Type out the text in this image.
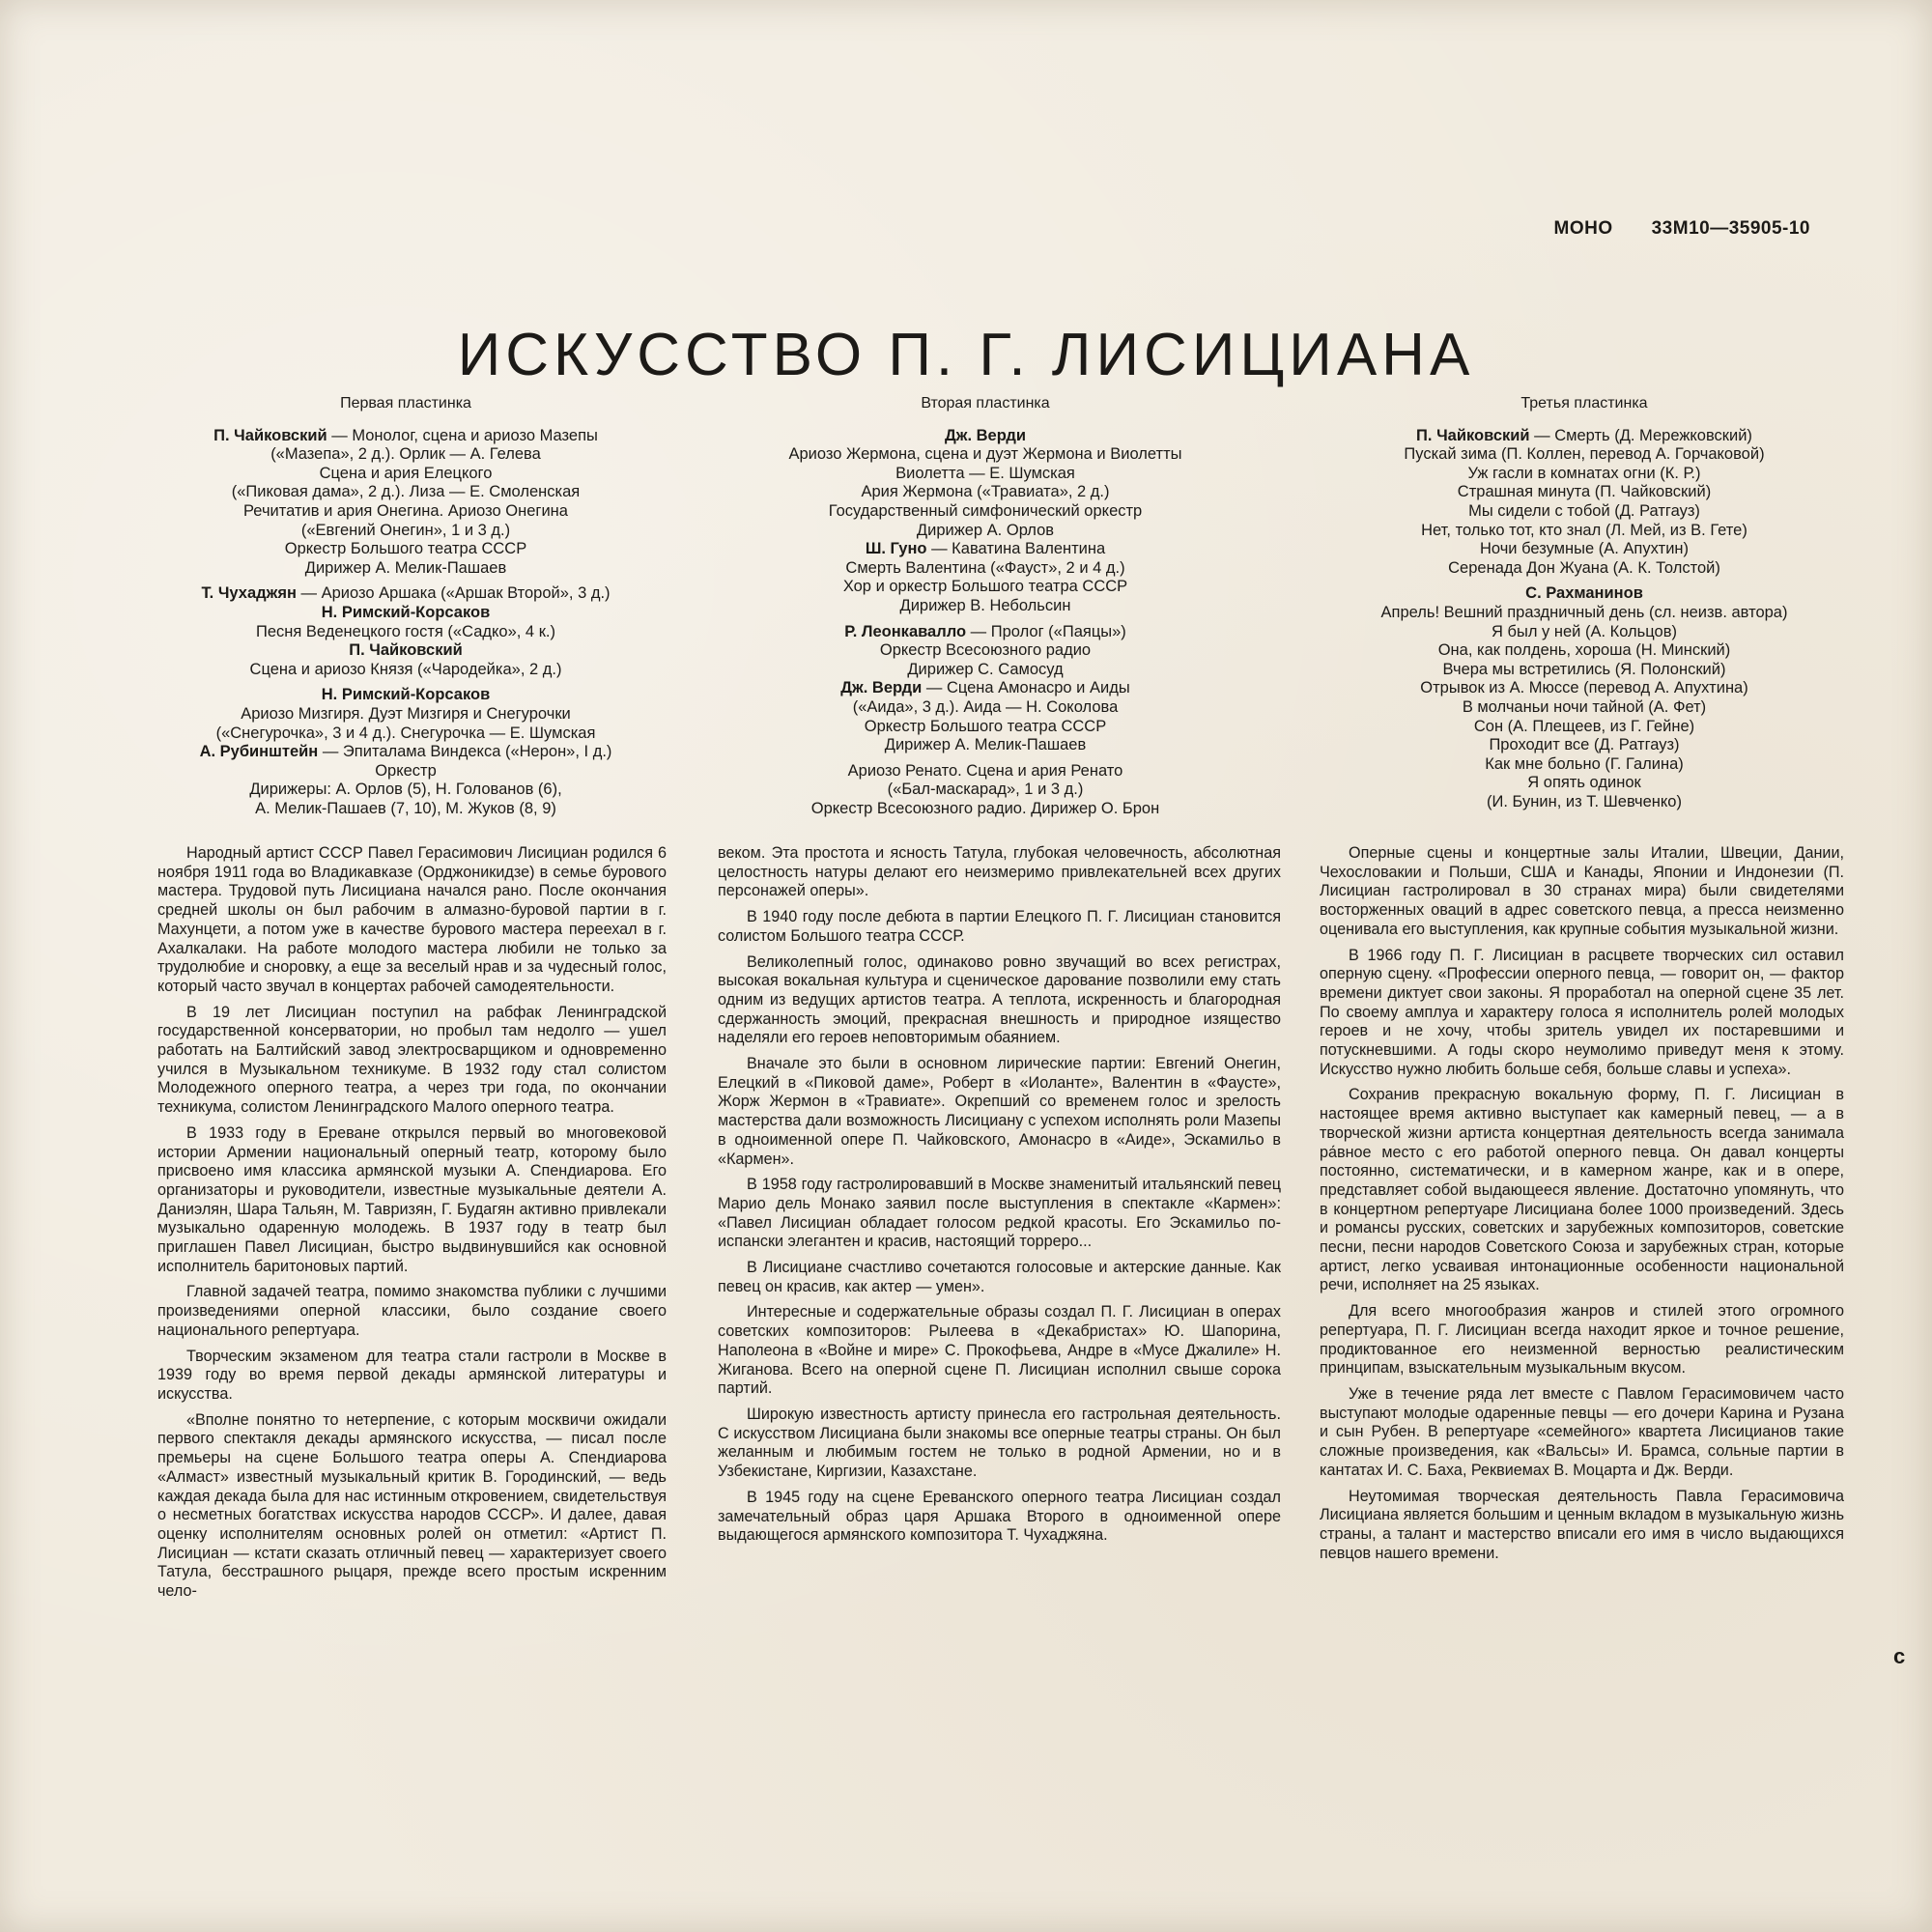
МОНО 33М10—35905-10
ИСКУССТВО П. Г. ЛИСИЦИАНА
Первая пластинка
П. Чайковский — Монолог, сцена и ариозо Мазепы
(«Мазепа», 2 д.). Орлик — А. Гелева
Сцена и ария Елецкого
(«Пиковая дама», 2 д.). Лиза — Е. Смоленская
Речитатив и ария Онегина. Ариозо Онегина
(«Евгений Онегин», 1 и 3 д.)
Оркестр Большого театра СССР
Дирижер А. Мелик-Пашаев
Т. Чухаджян — Ариозо Аршака («Аршак Второй», 3 д.)
Н. Римский-Корсаков
Песня Веденецкого гостя («Садко», 4 к.)
П. Чайковский
Сцена и ариозо Князя («Чародейка», 2 д.)
Н. Римский-Корсаков
Ариозо Мизгиря. Дуэт Мизгиря и Снегурочки
(«Снегурочка», 3 и 4 д.). Снегурочка — Е. Шумская
А. Рубинштейн — Эпиталама Виндекса («Нерон», I д.)
Оркестр
Дирижеры: А. Орлов (5), Н. Голованов (6),
А. Мелик-Пашаев (7, 10), М. Жуков (8, 9)
Вторая пластинка
Дж. Верди
Ариозо Жермона, сцена и дуэт Жермона и Виолетты
Виолетта — Е. Шумская
Ария Жермона («Травиата», 2 д.)
Государственный симфонический оркестр
Дирижер А. Орлов
Ш. Гуно — Каватина Валентина
Смерть Валентина («Фауст», 2 и 4 д.)
Хор и оркестр Большого театра СССР
Дирижер В. Небольсин
Р. Леонкавалло — Пролог («Паяцы»)
Оркестр Всесоюзного радио
Дирижер С. Самосуд
Дж. Верди — Сцена Амонасро и Аиды
(«Аида», 3 д.). Аида — Н. Соколова
Оркестр Большого театра СССР
Дирижер А. Мелик-Пашаев
Ариозо Ренато. Сцена и ария Ренато
(«Бал-маскарад», 1 и 3 д.)
Оркестр Всесоюзного радио. Дирижер О. Брон
Третья пластинка
П. Чайковский — Смерть (Д. Мережковский)
Пускай зима (П. Коллен, перевод А. Горчаковой)
Уж гасли в комнатах огни (К. Р.)
Страшная минута (П. Чайковский)
Мы сидели с тобой (Д. Ратгауз)
Нет, только тот, кто знал (Л. Мей, из В. Гете)
Ночи безумные (А. Апухтин)
Серенада Дон Жуана (А. К. Толстой)
С. Рахманинов
Апрель! Вешний праздничный день (сл. неизв. автора)
Я был у ней (А. Кольцов)
Она, как полдень, хороша (Н. Минский)
Вчера мы встретились (Я. Полонский)
Отрывок из А. Мюссе (перевод А. Апухтина)
В молчаньи ночи тайной (А. Фет)
Сон (А. Плещеев, из Г. Гейне)
Проходит все (Д. Ратгауз)
Как мне больно (Г. Галина)
Я опять одинок
(И. Бунин, из Т. Шевченко)

Народный артист СССР Павел Герасимович Лисициан родился 6 ноября 1911 года во Владикавказе (Орджоникидзе) в семье бурового мастера. Трудовой путь Лисициана начался рано. После окончания средней школы он был рабочим в алмазно-буровой партии в г. Махунцети, а потом уже в качестве бурового мастера переехал в г. Ахалкалаки. На работе молодого мастера любили не только за трудолюбие и сноровку, а еще за веселый нрав и за чудесный голос, который часто звучал в концертах рабочей самодеятельности.

В 19 лет Лисициан поступил на рабфак Ленинградской государственной консерватории, но пробыл там недолго — ушел работать на Балтийский завод электросварщиком и одновременно учился в Музыкальном техникуме. В 1932 году стал солистом Молодежного оперного театра, а через три года, по окончании техникума, солистом Ленинградского Малого оперного театра.

В 1933 году в Ереване открылся первый во многовековой истории Армении национальный оперный театр, которому было присвоено имя классика армянской музыки А. Спендиарова. Его организаторы и руководители, известные музыкальные деятели А. Даниэлян, Шара Тальян, М. Тавризян, Г. Будагян активно привлекали музыкально одаренную молодежь. В 1937 году в театр был приглашен Павел Лисициан, быстро выдвинувшийся как основной исполнитель баритоновых партий.

Главной задачей театра, помимо знакомства публики с лучшими произведениями оперной классики, было создание своего национального репертуара.

Творческим экзаменом для театра стали гастроли в Москве в 1939 году во время первой декады армянской литературы и искусства.

«Вполне понятно то нетерпение, с которым москвичи ожидали первого спектакля декады армянского искусства, — писал после премьеры на сцене Большого театра оперы А. Спендиарова «Алмаст» известный музыкальный критик В. Городинский, — ведь каждая декада была для нас истинным откровением, свидетельствуя о несметных богатствах искусства народов СССР». И далее, давая оценку исполнителям основных ролей он отметил: «Артист П. Лисициан — кстати сказать отличный певец — характеризует своего Татула, бесстрашного рыцаря, прежде всего простым искренним чело-

веком. Эта простота и ясность Татула, глубокая человечность, абсолютная целостность натуры делают его неизмеримо привлекательней всех других персонажей оперы».

В 1940 году после дебюта в партии Елецкого П. Г. Лисициан становится солистом Большого театра СССР.

Великолепный голос, одинаково ровно звучащий во всех регистрах, высокая вокальная культура и сценическое дарование позволили ему стать одним из ведущих артистов театра. А теплота, искренность и благородная сдержанность эмоций, прекрасная внешность и природное изящество наделяли его героев неповторимым обаянием.

Вначале это были в основном лирические партии: Евгений Онегин, Елецкий в «Пиковой даме», Роберт в «Иоланте», Валентин в «Фаусте», Жорж Жермон в «Травиате». Окрепший со временем голос и зрелость мастерства дали возможность Лисициану с успехом исполнять роли Мазепы в одноименной опере П. Чайковского, Амонасро в «Аиде», Эскамильо в «Кармен».

В 1958 году гастролировавший в Москве знаменитый итальянский певец Марио дель Монако заявил после выступления в спектакле «Кармен»: «Павел Лисициан обладает голосом редкой красоты. Его Эскамильо по-испански элегантен и красив, настоящий торреро...

В Лисициане счастливо сочетаются голосовые и актерские данные. Как певец он красив, как актер — умен».

Интересные и содержательные образы создал П. Г. Лисициан в операх советских композиторов: Рылеева в «Декабристах» Ю. Шапорина, Наполеона в «Войне и мире» С. Прокофьева, Андре в «Мусе Джалиле» Н. Жиганова. Всего на оперной сцене П. Лисициан исполнил свыше сорока партий.

Широкую известность артисту принесла его гастрольная деятельность. С искусством Лисициана были знакомы все оперные театры страны. Он был желанным и любимым гостем не только в родной Армении, но и в Узбекистане, Киргизии, Казахстане.

В 1945 году на сцене Ереванского оперного театра Лисициан создал замечательный образ царя Аршака Второго в одноименной опере выдающегося армянского композитора Т. Чухаджяна.

Оперные сцены и концертные залы Италии, Швеции, Дании, Чехословакии и Польши, США и Канады, Японии и Индонезии (П. Лисициан гастролировал в 30 странах мира) были свидетелями восторженных оваций в адрес советского певца, а пресса неизменно оценивала его выступления, как крупные события музыкальной жизни.

В 1966 году П. Г. Лисициан в расцвете творческих сил оставил оперную сцену. «Профессии оперного певца, — говорит он, — фактор времени диктует свои законы. Я проработал на оперной сцене 35 лет. По своему амплуа и характеру голоса я исполнитель ролей молодых героев и не хочу, чтобы зритель увидел их постаревшими и потускневшими. А годы скоро неумолимо приведут меня к этому. Искусство нужно любить больше себя, больше славы и успеха».

Сохранив прекрасную вокальную форму, П. Г. Лисициан в настоящее время активно выступает как камерный певец, — а в творческой жизни артиста концертная деятельность всегда занимала ра́вное место с его работой оперного певца. Он давал концерты постоянно, систематически, и в камерном жанре, как и в опере, представляет собой выдающееся явление. Достаточно упомянуть, что в концертном репертуаре Лисициана более 1000 произведений. Здесь и романсы русских, советских и зарубежных композиторов, советские песни, песни народов Советского Союза и зарубежных стран, которые артист, легко усваивая интонационные особенности национальной речи, исполняет на 25 языках.

Для всего многообразия жанров и стилей этого огромного репертуара, П. Г. Лисициан всегда находит яркое и точное решение, продиктованное его неизменной верностью реалистическим принципам, взыскательным музыкальным вкусом.

Уже в течение ряда лет вместе с Павлом Герасимовичем часто выступают молодые одаренные певцы — его дочери Карина и Рузана и сын Рубен. В репертуаре «семейного» квартета Лисицианов такие сложные произведения, как «Вальсы» И. Брамса, сольные партии в кантатах И. С. Баха, Реквиемах В. Моцарта и Дж. Верди.

Неутомимая творческая деятельность Павла Герасимовича Лисициана является большим и ценным вкладом в музыкальную жизнь страны, а талант и мастерство вписали его имя в число выдающихся певцов нашего времени.

с
